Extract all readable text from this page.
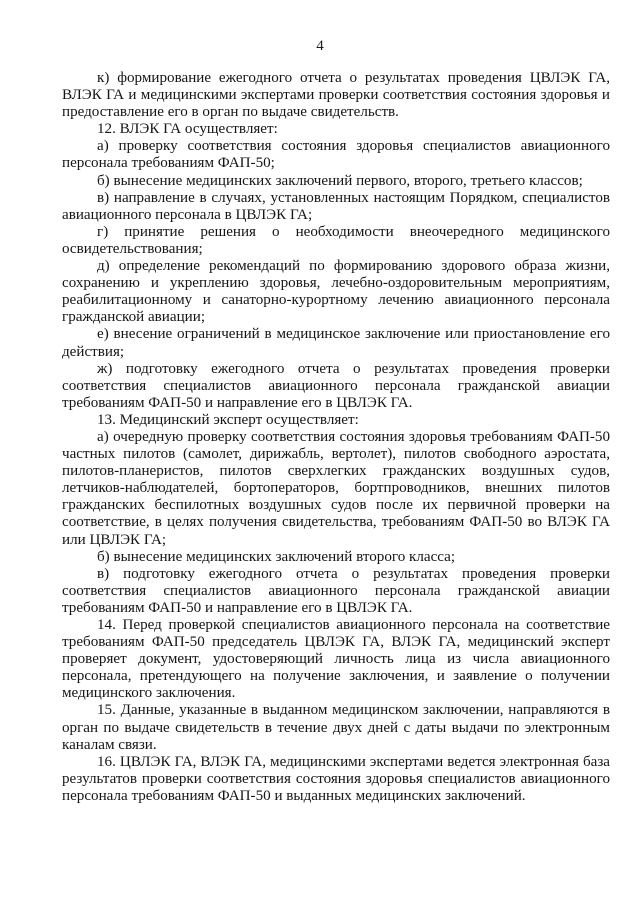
4

к) формирование ежегодного отчета о результатах проведения ЦВЛЭК ГА, ВЛЭК ГА и медицинскими экспертами проверки соответствия состояния здоровья и предоставление его в орган по выдаче свидетельств.

12. ВЛЭК ГА осуществляет:

а) проверку соответствия состояния здоровья специалистов авиационного персонала требованиям ФАП-50;

б) вынесение медицинских заключений первого, второго, третьего классов;

в) направление в случаях, установленных настоящим Порядком, специалистов авиационного персонала в ЦВЛЭК ГА;

г) принятие решения о необходимости внеочередного медицинского освидетельствования;

д) определение рекомендаций по формированию здорового образа жизни, сохранению и укреплению здоровья, лечебно-оздоровительным мероприятиям, реабилитационному и санаторно-курортному лечению авиационного персонала гражданской авиации;

е) внесение ограничений в медицинское заключение или приостановление его действия;

ж) подготовку ежегодного отчета о результатах проведения проверки соответствия специалистов авиационного персонала гражданской авиации требованиям ФАП-50 и направление его в ЦВЛЭК ГА.

13. Медицинский эксперт осуществляет:

а) очередную проверку соответствия состояния здоровья требованиям ФАП-50 частных пилотов (самолет, дирижабль, вертолет), пилотов свободного аэростата, пилотов-планеристов, пилотов сверхлегких гражданских воздушных судов, летчиков-наблюдателей, бортоператоров, бортпроводников, внешних пилотов гражданских беспилотных воздушных судов после их первичной проверки на соответствие, в целях получения свидетельства, требованиям ФАП-50 во ВЛЭК ГА или ЦВЛЭК ГА;

б) вынесение медицинских заключений второго класса;

в) подготовку ежегодного отчета о результатах проведения проверки соответствия специалистов авиационного персонала гражданской авиации требованиям ФАП-50 и направление его в ЦВЛЭК ГА.

14. Перед проверкой специалистов авиационного персонала на соответствие требованиям ФАП-50 председатель ЦВЛЭК ГА, ВЛЭК ГА, медицинский эксперт проверяет документ, удостоверяющий личность лица из числа авиационного персонала, претендующего на получение заключения, и заявление о получении медицинского заключения.

15. Данные, указанные в выданном медицинском заключении, направляются в орган по выдаче свидетельств в течение двух дней с даты выдачи по электронным каналам связи.

16. ЦВЛЭК ГА, ВЛЭК ГА, медицинскими экспертами ведется электронная база результатов проверки соответствия состояния здоровья специалистов авиационного персонала требованиям ФАП-50 и выданных медицинских заключений.
